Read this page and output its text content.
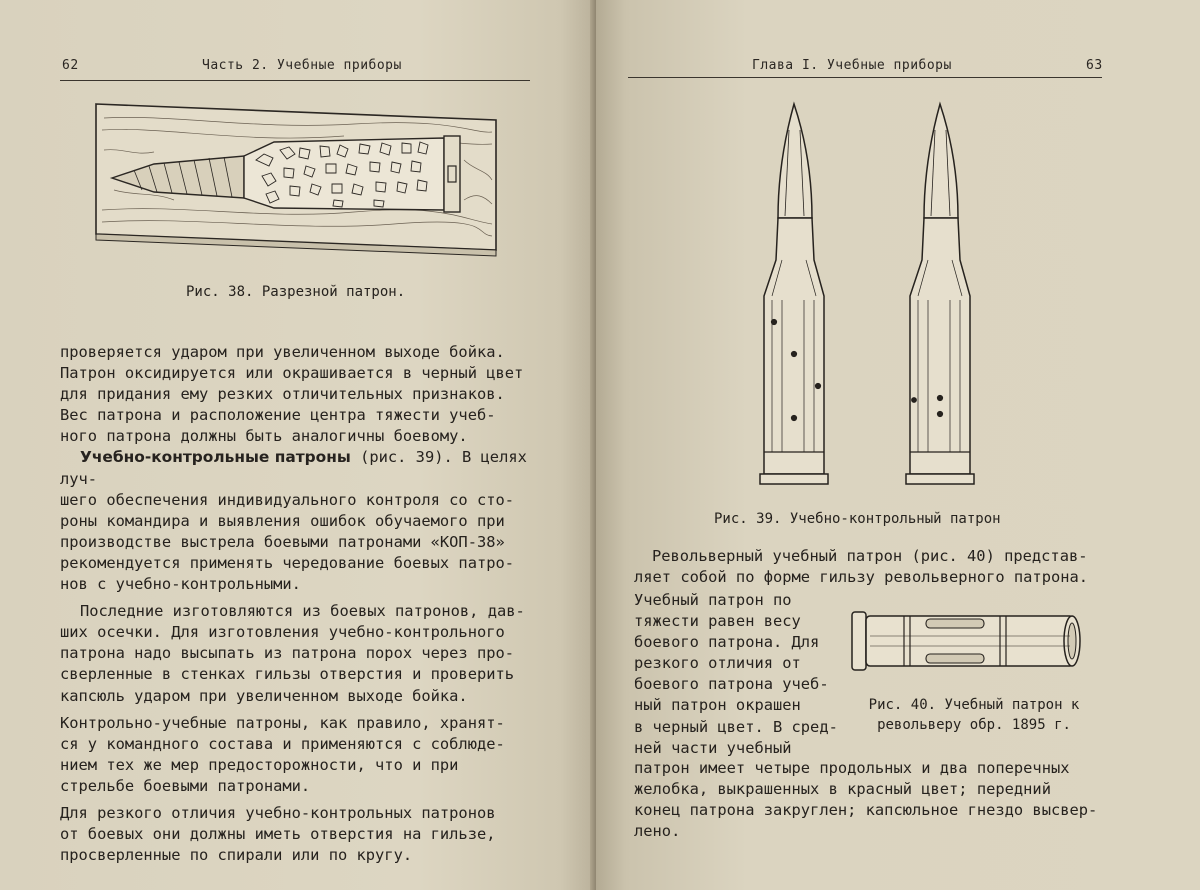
62	Часть 2. Учебные приборы
Рис. 38. Разрезной патрон.

проверяется ударом при увеличенном выходе бойка.

Патрон оксидируется или окрашивается в черный цвет

для придания ему резких отличительных признаков.

Вес патрона и расположение центра тяжести учеб-

ного патрона должны быть аналогичны боевому.

Учебно-контрольные патроны (рис. 39). В целях луч-

шего обеспечения индивидуального контроля со сто-

роны командира и выявления ошибок обучаемого при

производстве выстрела боевыми патронами «КОП-38»

рекомендуется применять чередование боевых патро-

нов с учебно-контрольными.

Последние изготовляются из боевых патронов, дав-

ших осечки. Для изготовления учебно-контрольного

патрона надо высыпать из патрона порох через про-

сверленные в стенках гильзы отверстия и проверить

капсюль ударом при увеличенном выходе бойка.

Контрольно-учебные патроны, как правило, хранят-

ся у командного состава и применяются с соблюде-

нием тех же мер предосторожности, что и при

стрельбе боевыми патронами.

Для резкого отличия учебно-контрольных патронов

от боевых они должны иметь отверстия на гильзе,

просверленные по спирали или по кругу.

Глава I. Учебные приборы	63
Рис. 39. Учебно-контрольный патрон

Револьверный учебный патрон (рис. 40) представ-

ляет собой по форме гильзу револьверного патрона.

Учебный патрон по

тяжести равен весу

боевого патрона. Для

резкого отличия от

боевого патрона учеб-

ный патрон окрашен

в черный цвет. В сред-

ней части учебный

Рис. 40. Учебный патрон к
револьверу обр. 1895 г.

патрон имеет четыре продольных и два поперечных

желобка, выкрашенных в красный цвет; передний

конец патрона закруглен; капсюльное гнездо высвер-

лено.
